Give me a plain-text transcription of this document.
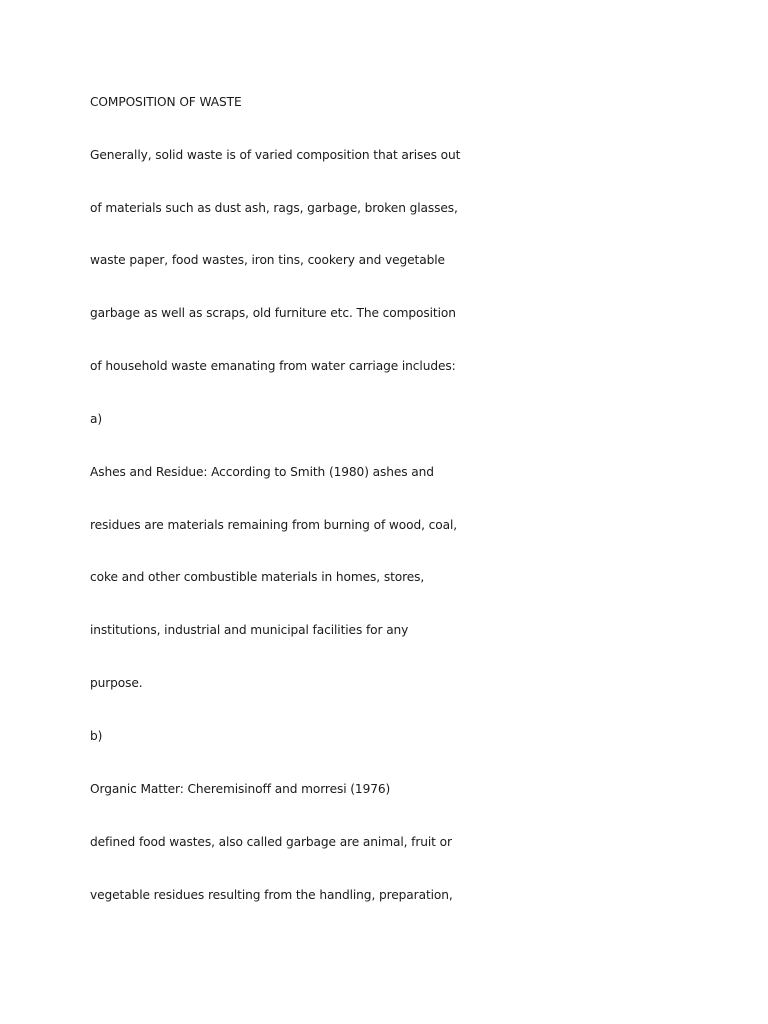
COMPOSITION OF WASTE

Generally, solid waste is of varied composition that arises out

of materials such as dust ash, rags, garbage, broken glasses,

waste paper, food wastes, iron tins, cookery and vegetable

garbage as well as scraps, old furniture etc. The composition

of household waste emanating from water carriage includes:

a)

Ashes and Residue: According to Smith (1980) ashes and

residues are materials remaining from burning of wood, coal,

coke and other combustible materials in homes, stores,

institutions, industrial and municipal facilities for any

purpose.

b)

Organic Matter: Cheremisinoff and morresi (1976)

defined food wastes, also called garbage are animal, fruit or

vegetable residues resulting from the handling, preparation,
